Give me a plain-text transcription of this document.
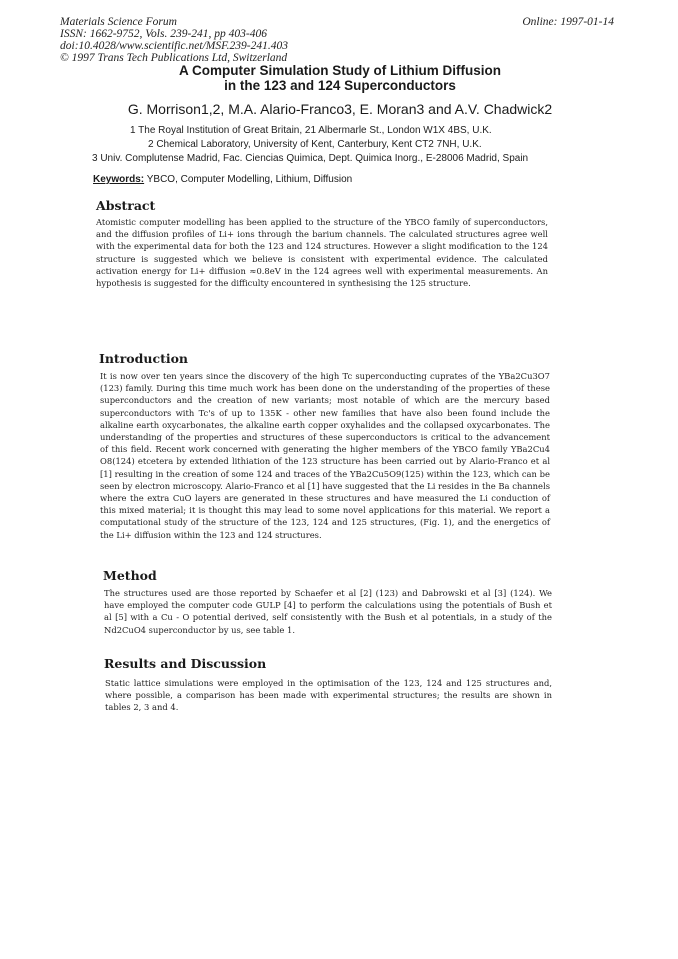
Materials Science Forum
ISSN: 1662-9752, Vols. 239-241, pp 403-406
doi:10.4028/www.scientific.net/MSF.239-241.403
© 1997 Trans Tech Publications Ltd, Switzerland
Online: 1997-01-14
A Computer Simulation Study of Lithium Diffusion
in the 123 and 124 Superconductors
G. Morrison1,2, M.A. Alario-Franco3, E. Moran3 and A.V. Chadwick2
1 The Royal Institution of Great Britain, 21 Albermarle St., London W1X 4BS, U.K.
2 Chemical Laboratory, University of Kent, Canterbury, Kent CT2 7NH, U.K.
3 Univ. Complutense Madrid, Fac. Ciencias Quimica, Dept. Quimica Inorg., E-28006 Madrid, Spain
Keywords: YBCO, Computer Modelling, Lithium, Diffusion
Abstract
Atomistic computer modelling has been applied to the structure of the YBCO family of superconductors, and the diffusion profiles of Li+ ions through the barium channels. The calculated structures agree well with the experimental data for both the 123 and 124 structures. However a slight modification to the 124 structure is suggested which we believe is consistent with experimental evidence. The calculated activation energy for Li+ diffusion ≈0.8eV in the 124 agrees well with experimental measurements. An hypothesis is suggested for the difficulty encountered in synthesising the 125 structure.
Introduction
It is now over ten years since the discovery of the high Tc superconducting cuprates of the YBa2Cu3O7 (123) family. During this time much work has been done on the understanding of the properties of these superconductors and the creation of new variants; most notable of which are the mercury based superconductors with Tc's of up to 135K - other new families that have also been found include the alkaline earth oxycarbonates, the alkaline earth copper oxyhalides and the collapsed oxycarbonates. The understanding of the properties and structures of these superconductors is critical to the advancement of this field. Recent work concerned with generating the higher members of the YBCO family YBa2Cu4 O8(124) etcetera by extended lithiation of the 123 structure has been carried out by Alario-Franco et al [1] resulting in the creation of some 124 and traces of the YBa2Cu5O9(125) within the 123, which can be seen by electron microscopy. Alario-Franco et al [1] have suggested that the Li resides in the Ba channels where the extra CuO layers are generated in these structures and have measured the Li conduction of this mixed material; it is thought this may lead to some novel applications for this material. We report a computational study of the structure of the 123, 124 and 125 structures, (Fig. 1), and the energetics of the Li+ diffusion within the 123 and 124 structures.
Method
The structures used are those reported by Schaefer et al [2] (123) and Dabrowski et al [3] (124). We have employed the computer code GULP [4] to perform the calculations using the potentials of Bush et al [5] with a Cu - O potential derived, self consistently with the Bush et al potentials, in a study of the Nd2CuO4 superconductor by us, see table 1.
Results and Discussion
Static lattice simulations were employed in the optimisation of the 123, 124 and 125 structures and, where possible, a comparison has been made with experimental structures; the results are shown in tables 2, 3 and 4.
